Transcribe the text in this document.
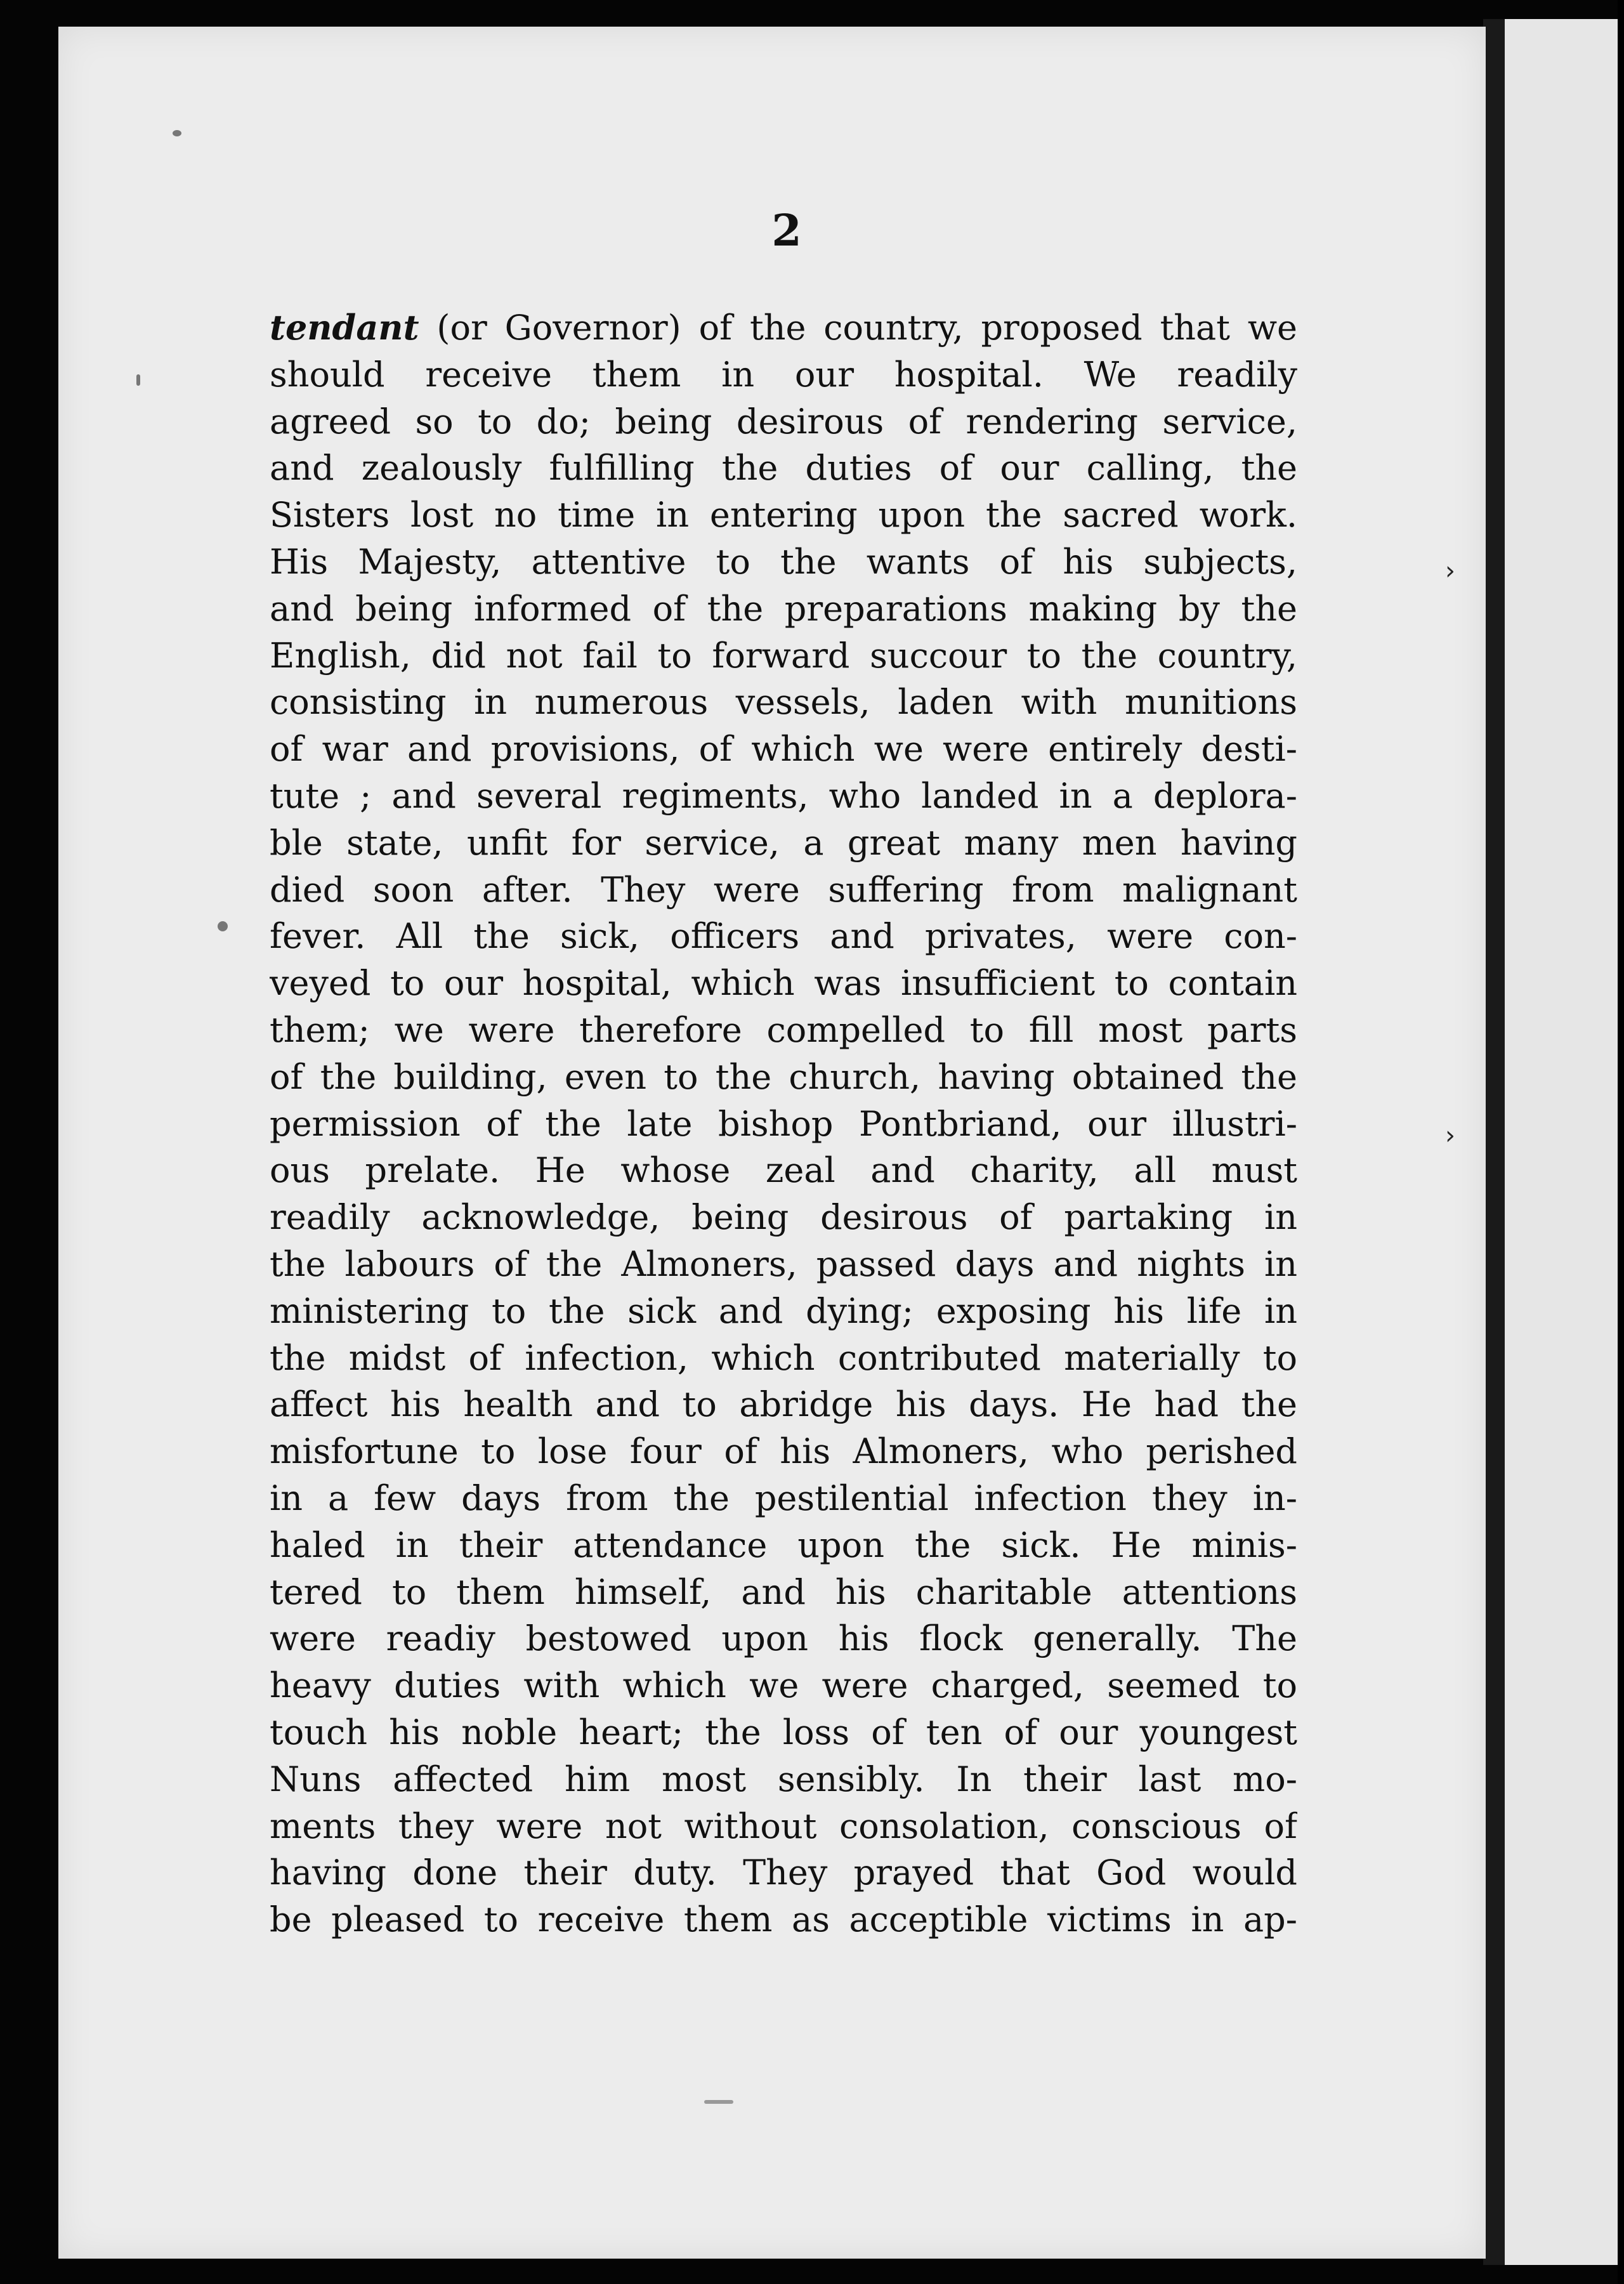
›
›
2
tendant (or Governor) of the country, proposed that we
should receive them in our hospital. We readily
agreed so to do; being desirous of rendering service,
and zealously fulfilling the duties of our calling, the
Sisters lost no time in entering upon the sacred work.
His Majesty, attentive to the wants of his subjects,
and being informed of the preparations making by the
English, did not fail to forward succour to the country,
consisting in numerous vessels, laden with munitions
of war and provisions, of which we were entirely desti-
tute ; and several regiments, who landed in a deplora-
ble state, unfit for service, a great many men having
died soon after. They were suffering from malignant
fever. All the sick, officers and privates, were con-
veyed to our hospital, which was insufficient to contain
them; we were therefore compelled to fill most parts
of the building, even to the church, having obtained the
permission of the late bishop Pontbriand, our illustri-
ous prelate. He whose zeal and charity, all must
readily acknowledge, being desirous of partaking in
the labours of the Almoners, passed days and nights in
ministering to the sick and dying; exposing his life in
the midst of infection, which contributed materially to
affect his health and to abridge his days. He had the
misfortune to lose four of his Almoners, who perished
in a few days from the pestilential infection they in-
haled in their attendance upon the sick. He minis-
tered to them himself, and his charitable attentions
were readiy bestowed upon his flock generally. The
heavy duties with which we were charged, seemed to
touch his noble heart; the loss of ten of our youngest
Nuns affected him most sensibly. In their last mo-
ments they were not without consolation, conscious of
having done their duty. They prayed that God would
be pleased to receive them as acceptible victims in ap-
